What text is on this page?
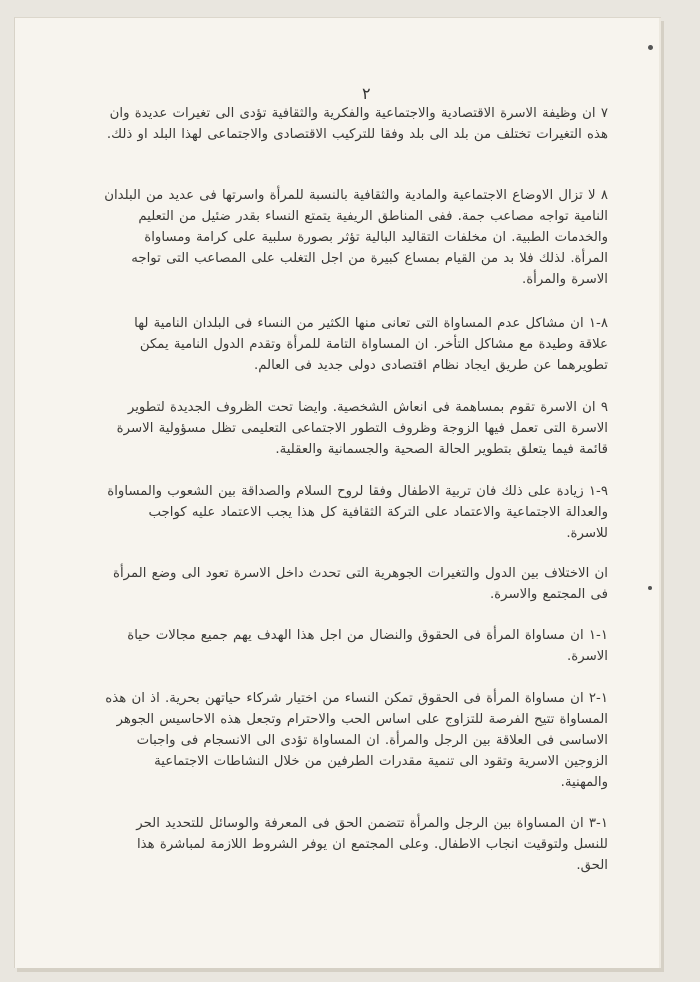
٢

٧ ان وظيفة الاسرة الاقتصادية والاجتماعية والفكرية والثقافية تؤدى الى تغيرات عديدة وان هذه التغيرات تختلف من بلد الى بلد وفقا للتركيب الاقتصادى والاجتماعى لهذا البلد او ذلك.

٨ لا تزال الاوضاع الاجتماعية والمادية والثقافية بالنسبة للمرأة واسرتها فى عديد من البلدان النامية تواجه مصاعب جمة. ففى المناطق الريفية يتمتع النساء بقدر ضئيل من التعليم والخدمات الطبية. ان مخلفات التقاليد البالية تؤثر بصورة سلبية على كرامة ومساواة المرأة. لذلك فلا بد من القيام بمساع كبيرة من اجل التغلب على المصاعب التى تواجه الاسرة والمرأة.

٨-١ ان مشاكل عدم المساواة التى تعانى منها الكثير من النساء فى البلدان النامية لها علاقة وطيدة مع مشاكل التأخر. ان المساواة التامة للمرأة وتقدم الدول النامية يمكن تطويرهما عن طريق ايجاد نظام اقتصادى دولى جديد فى العالم.

٩ ان الاسرة تقوم بمساهمة فى انعاش الشخصية. وايضا تحت الظروف الجديدة لتطوير الاسرة التى تعمل فيها الزوجة وظروف التطور الاجتماعى التعليمى تظل مسؤولية الاسرة قائمة فيما يتعلق بتطوير الحالة الصحية والجسمانية والعقلية.

٩-١ زيادة على ذلك فان تربية الاطفال وفقا لروح السلام والصداقة بين الشعوب والمساواة والعدالة الاجتماعية والاعتماد على التركة الثقافية كل هذا يجب الاعتماد عليه كواجب للاسرة.

ان الاختلاف بين الدول والتغيرات الجوهرية التى تحدث داخل الاسرة تعود الى وضع المرأة فى المجتمع والاسرة.

١-١ ان مساواة المرأة فى الحقوق والنضال من اجل هذا الهدف يهم جميع مجالات حياة الاسرة.

١-٢ ان مساواة المرأة فى الحقوق تمكن النساء من اختيار شركاء حياتهن بحرية. اذ ان هذه المساواة تتيح الفرصة للتزاوج على اساس الحب والاحترام وتجعل هذه الاحاسيس الجوهر الاساسى فى العلاقة بين الرجل والمرأة. ان المساواة تؤدى الى الانسجام فى واجبات الزوجين الاسرية وتقود الى تنمية مقدرات الطرفين من خلال النشاطات الاجتماعية والمهنية.

١-٣ ان المساواة بين الرجل والمرأة تتضمن الحق فى المعرفة والوسائل للتحديد الحر للنسل ولتوقيت انجاب الاطفال. وعلى المجتمع ان يوفر الشروط اللازمة لمباشرة هذا الحق.
